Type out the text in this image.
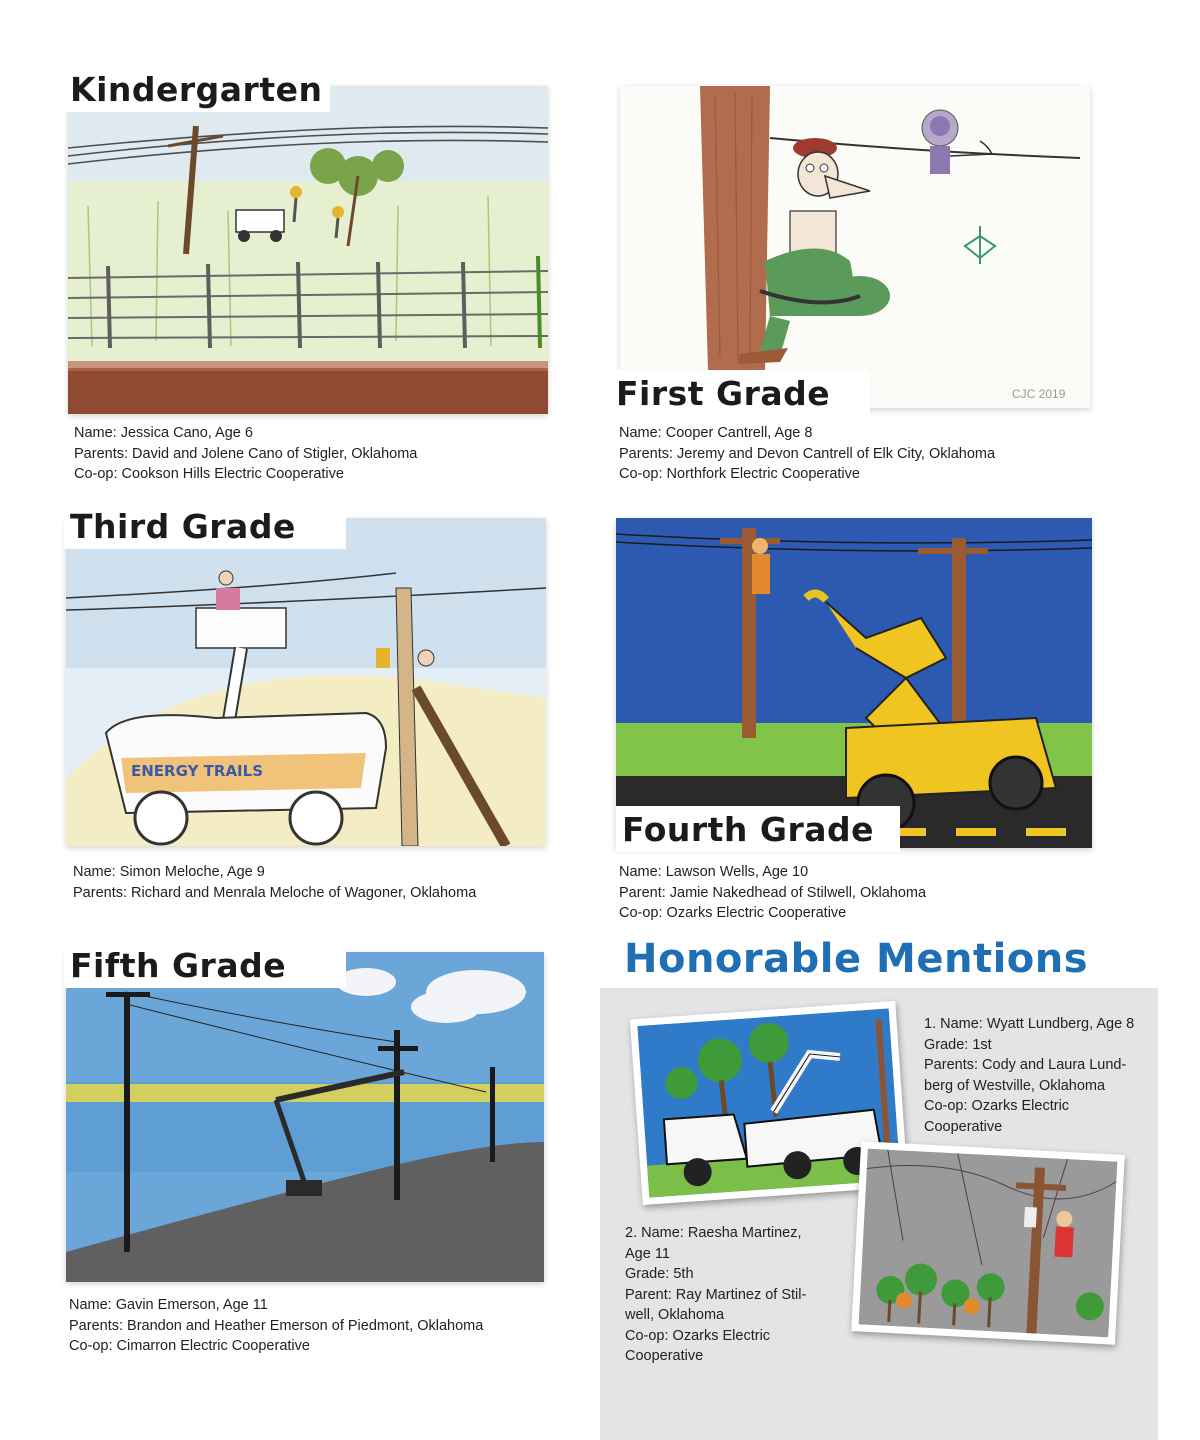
Kindergarten
Name: Jessica Cano, Age 6
Parents: David and Jolene Cano of Stigler, Oklahoma
Co-op: Cookson Hills Electric Cooperative
CJC 2019
First Grade
Name: Cooper Cantrell, Age 8
Parents: Jeremy and Devon Cantrell of Elk City, Oklahoma
Co-op: Northfork Electric Cooperative
ENERGY TRAILS
Third Grade
Name: Simon Meloche, Age 9
Parents: Richard and Menrala Meloche of Wagoner, Oklahoma
Fourth Grade
Name: Lawson Wells, Age 10
Parent: Jamie Nakedhead of Stilwell, Oklahoma
Co-op: Ozarks Electric Cooperative
Fifth Grade
Name: Gavin Emerson, Age 11
Parents: Brandon and Heather Emerson of Piedmont, Oklahoma
Co-op: Cimarron Electric Cooperative
Honorable Mentions
1. Name: Wyatt Lundberg, Age 8
Grade: 1st
Parents: Cody and Laura Lund-
berg of Westville, Oklahoma
Co-op: Ozarks Electric
Cooperative
2. Name: Raesha Martinez,
Age 11
Grade: 5th
Parent: Ray Martinez of Stil-
well, Oklahoma
Co-op: Ozarks Electric
Cooperative
